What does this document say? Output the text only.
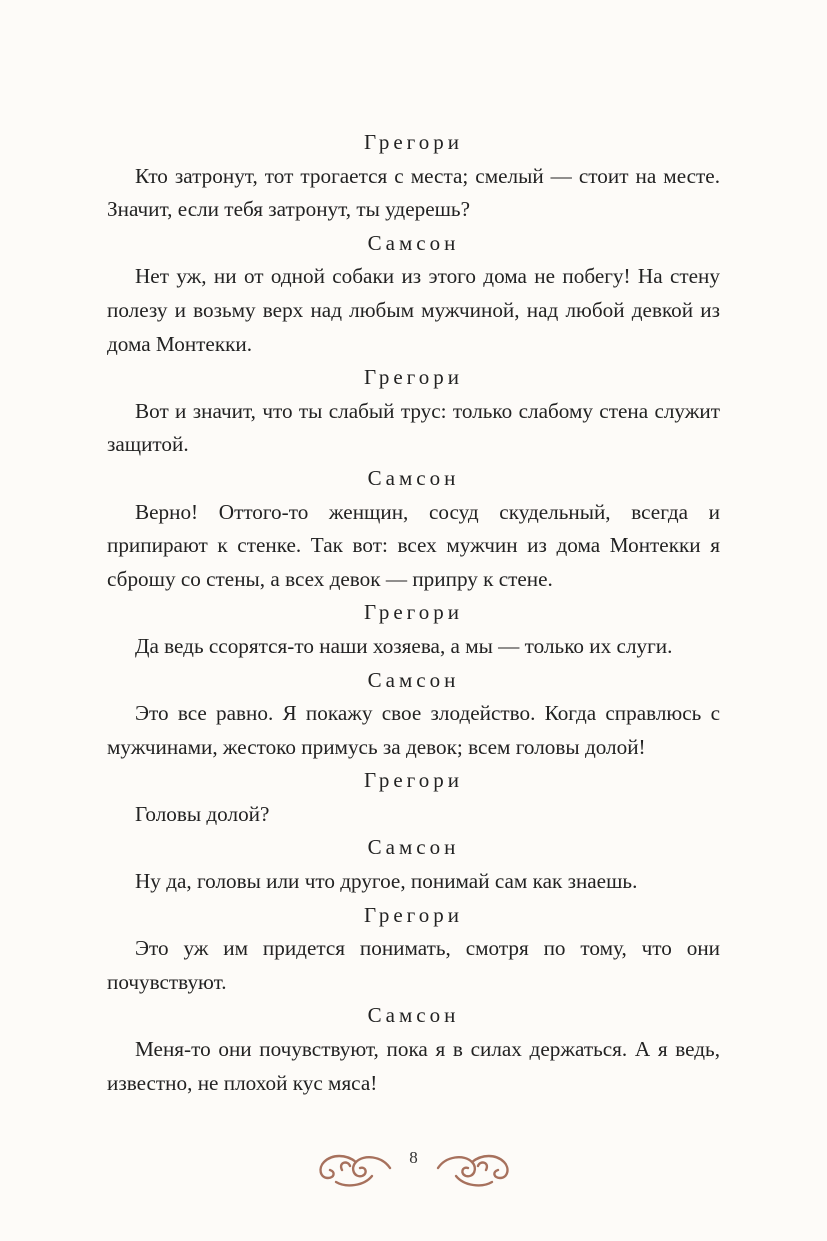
Грегори

Кто затронут, тот трогается с места; смелый — стоит на месте. Значит, если тебя затронут, ты удерешь?

Самсон

Нет уж, ни от одной собаки из этого дома не побегу! На стену полезу и возьму верх над любым мужчиной, над любой девкой из дома Монтекки.

Грегори

Вот и значит, что ты слабый трус: только слабому стена служит защитой.

Самсон

Верно! Оттого-то женщин, сосуд скудельный, всегда и припирают к стенке. Так вот: всех мужчин из дома Монтекки я сброшу со стены, а всех девок — припру к стене.

Грегори

Да ведь ссорятся-то наши хозяева, а мы — только их слуги.

Самсон

Это все равно. Я покажу свое злодейство. Когда справлюсь с мужчинами, жестоко примусь за девок; всем головы долой!

Грегори

Головы долой?

Самсон

Ну да, головы или что другое, понимай сам как знаешь.

Грегори

Это уж им придется понимать, смотря по тому, что они почувствуют.

Самсон

Меня-то они почувствуют, пока я в силах держаться. А я ведь, известно, не плохой кус мяса!

8
